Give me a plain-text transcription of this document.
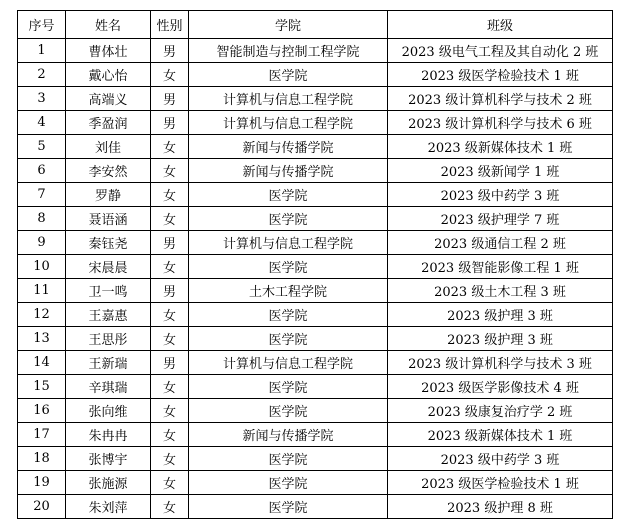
序号	姓名	性别	学院	班级
1	曹体壮	男	智能制造与控制工程学院	2023 级电气工程及其自动化 2 班
2	戴心怡	女	医学院	2023 级医学检验技术 1 班
3	高端义	男	计算机与信息工程学院	2023 级计算机科学与技术 2 班
4	季盈润	男	计算机与信息工程学院	2023 级计算机科学与技术 6 班
5	刘佳	女	新闻与传播学院	2023 级新媒体技术 1 班
6	李安然	女	新闻与传播学院	2023 级新闻学 1 班
7	罗静	女	医学院	2023 级中药学 3 班
8	聂语涵	女	医学院	2023 级护理学 7 班
9	秦钰尧	男	计算机与信息工程学院	2023 级通信工程 2 班
10	宋晨晨	女	医学院	2023 级智能影像工程 1 班
11	卫一鸣	男	土木工程学院	2023 级土木工程 3 班
12	王嘉惠	女	医学院	2023 级护理 3 班
13	王思彤	女	医学院	2023 级护理 3 班
14	王新瑞	男	计算机与信息工程学院	2023 级计算机科学与技术 3 班
15	辛琪瑞	女	医学院	2023 级医学影像技术 4 班
16	张向维	女	医学院	2023 级康复治疗学 2 班
17	朱冉冉	女	新闻与传播学院	2023 级新媒体技术 1 班
18	张博宇	女	医学院	2023 级中药学 3 班
19	张施源	女	医学院	2023 级医学检验技术 1 班
20	朱刘萍	女	医学院	2023 级护理 8 班
